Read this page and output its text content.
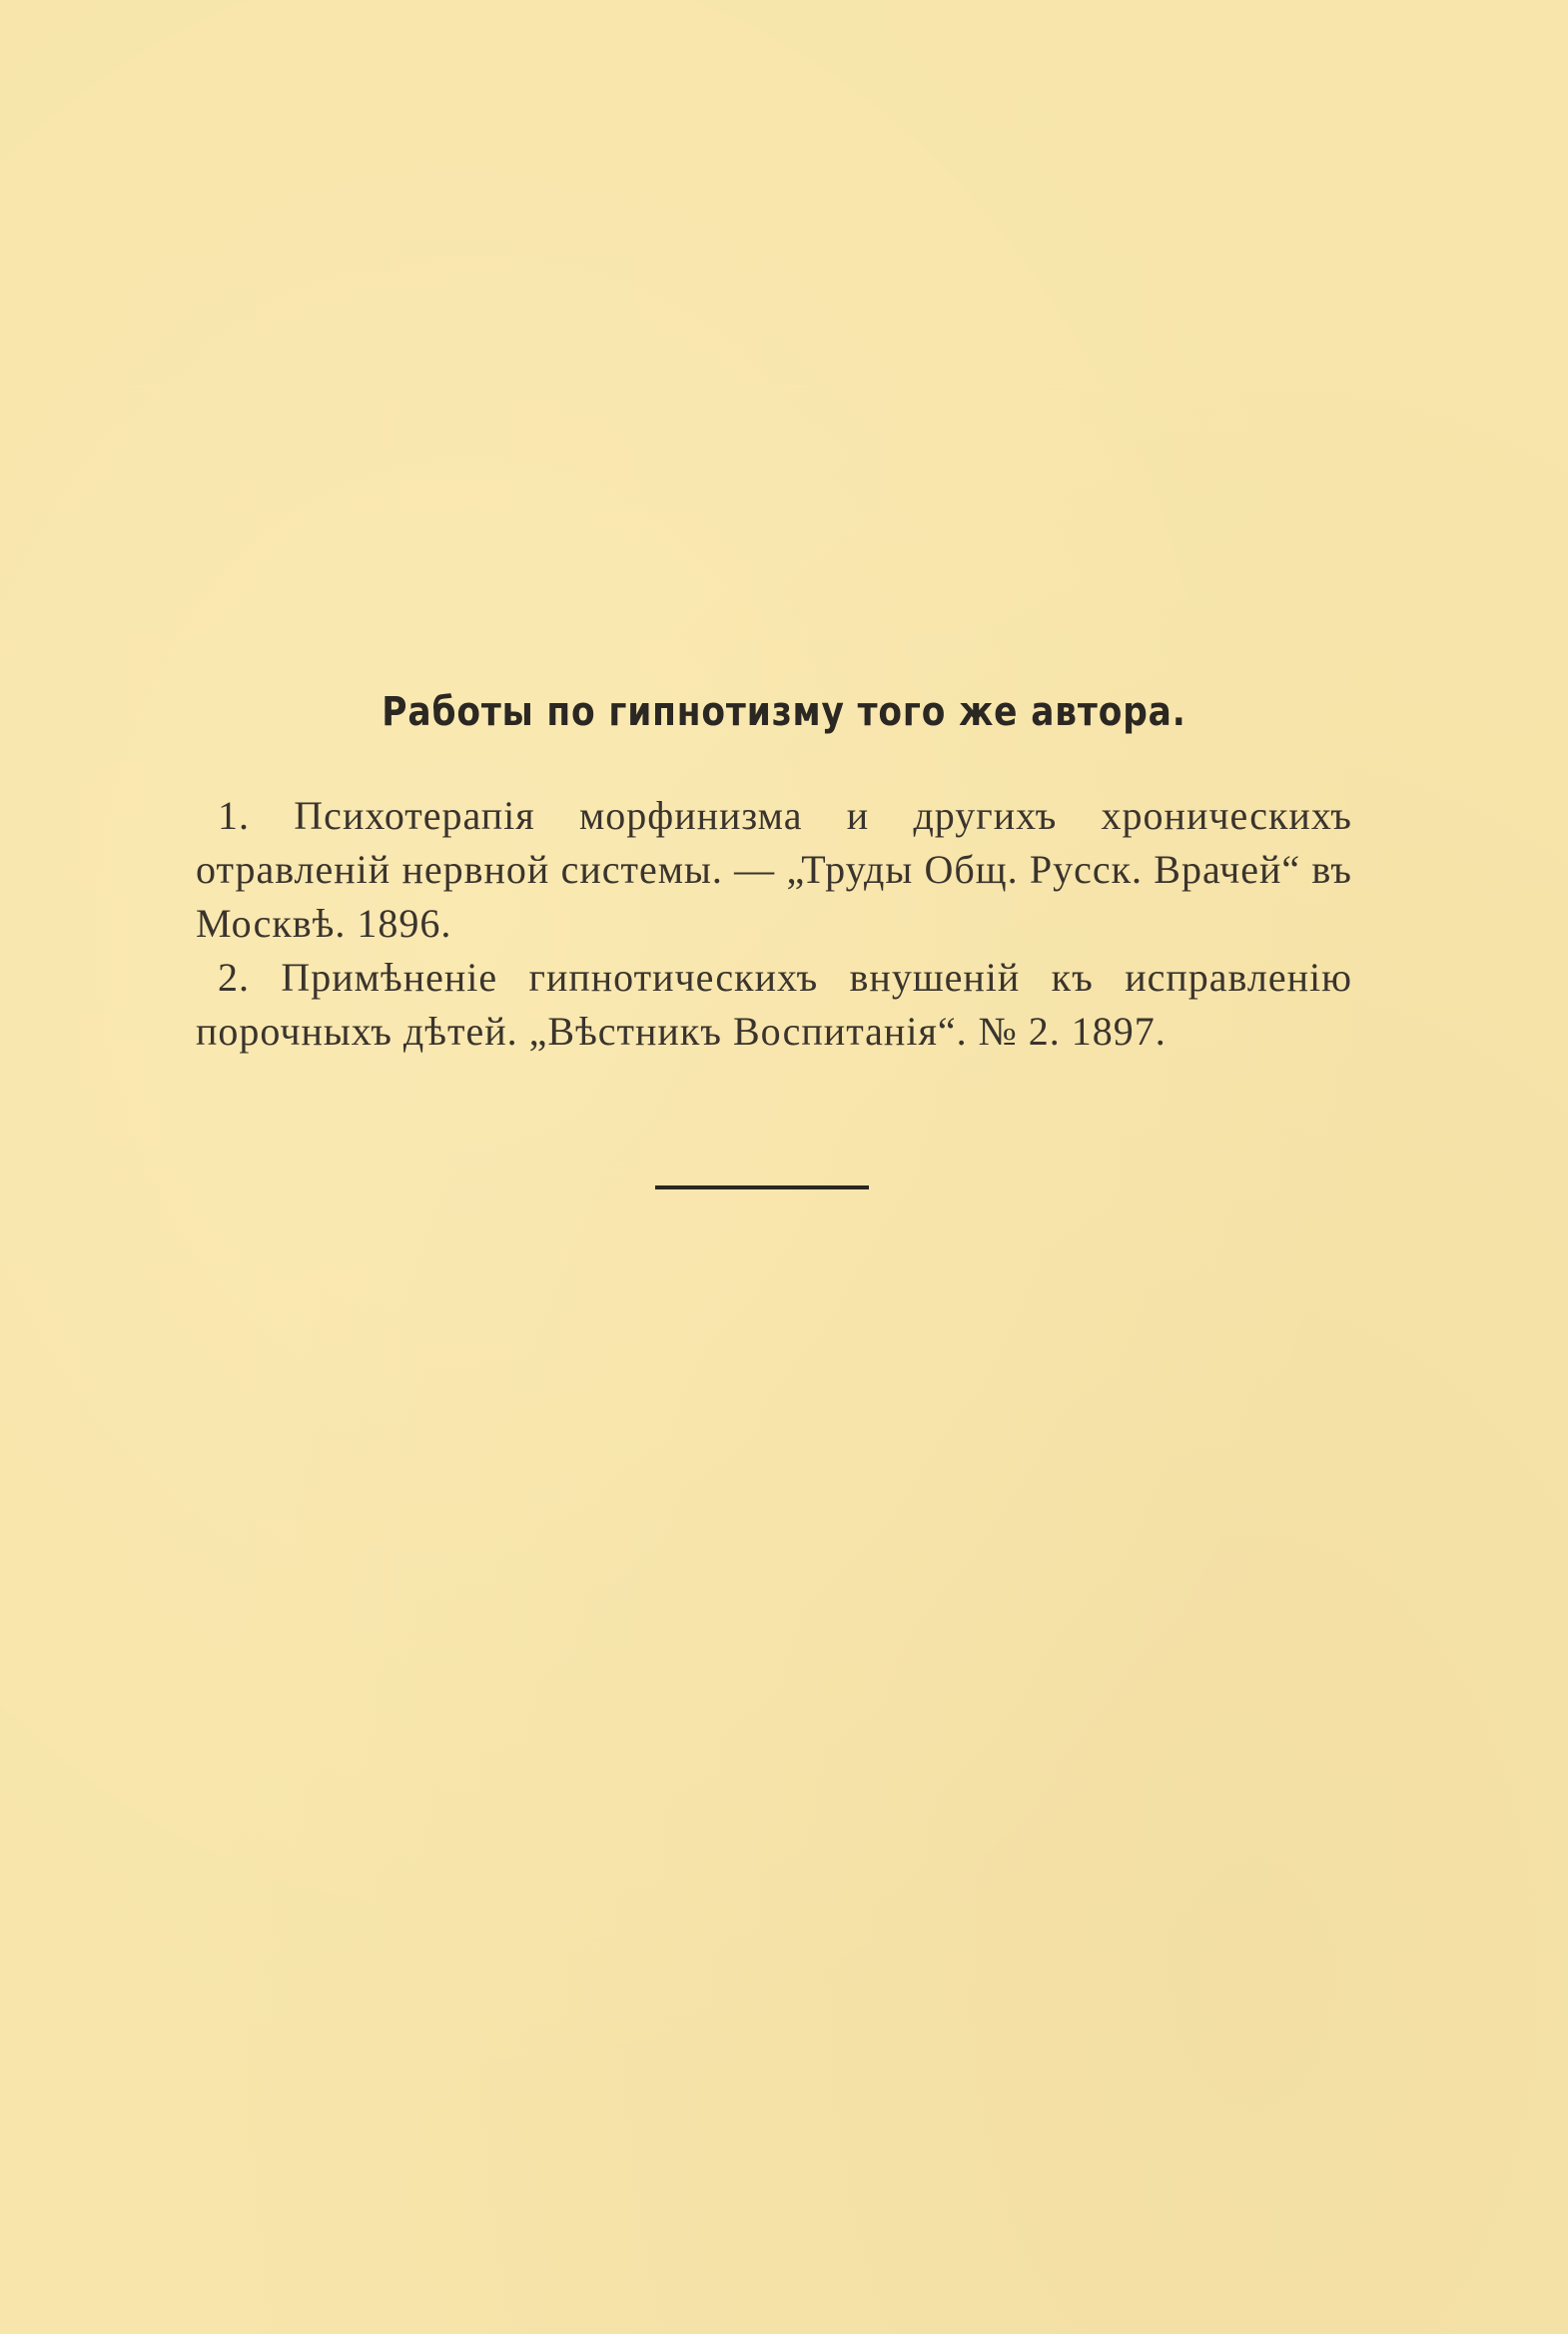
Работы по гипнотизму того же автора.

1. Психотерапія морфинизма и другихъ хроническихъ отравленій нервной системы. — „Труды Общ. Русск. Врачей“ въ Москвѣ. 1896.

2. Примѣненіе гипнотическихъ внушеній къ исправленію порочныхъ дѣтей. „Вѣстникъ Воспитанія“. № 2. 1897.
